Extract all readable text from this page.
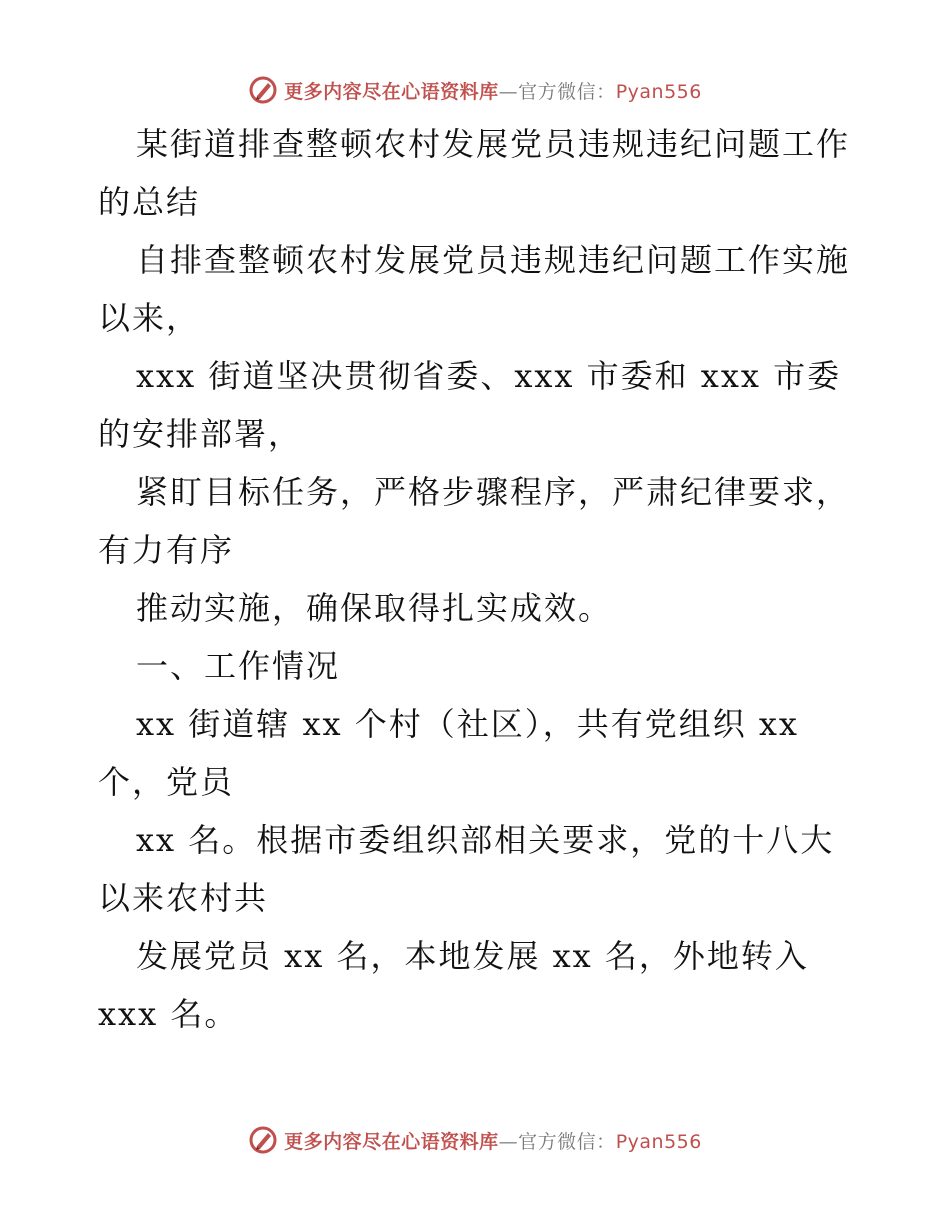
更多内容尽在心语资料库—官方微信：Pyan556
某街道排查整顿农村发展党员违规违纪问题工作
的总结
自排查整顿农村发展党员违规违纪问题工作实施
以来，
xxx 街道坚决贯彻省委、xxx 市委和 xxx 市委
的安排部署，
紧盯目标任务，严格步骤程序，严肃纪律要求，
有力有序
推动实施，确保取得扎实成效。
一、工作情况
xx 街道辖 xx 个村（社区），共有党组织 xx
个，党员
xx 名。根据市委组织部相关要求，党的十八大
以来农村共
发展党员 xx 名，本地发展 xx 名，外地转入
xxx 名。
更多内容尽在心语资料库—官方微信：Pyan556
